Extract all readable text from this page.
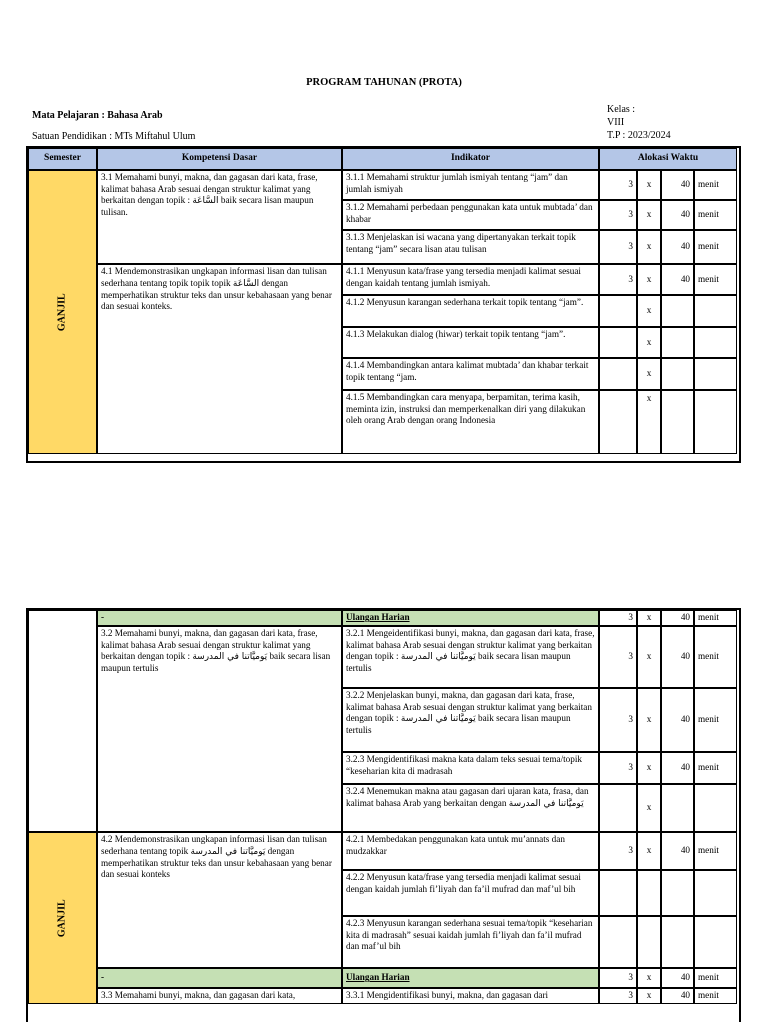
PROGRAM TAHUNAN (PROTA)
Mata Pelajaran : Bahasa Arab
Satuan Pendidikan : MTs Miftahul Ulum
Kelas :
VIII
T.P : 2023/2024
Semester	Kompetensi Dasar	Indikator	Alokasi Waktu			
GANJIL	3.1 Memahami bunyi, makna, dan gagasan dari kata, frase, kalimat bahasa Arab sesuai dengan struktur kalimat yang berkaitan dengan topik : السَّاعَة baik secara lisan maupun tulisan.	3.1.1 Memahami struktur jumlah ismiyah tentang “jam” dan jumlah ismiyah	3	x	40	menit
		3.1.2 Memahami perbedaan penggunakan kata untuk mubtada’ dan khabar	3	x	40	menit
		3.1.3 Menjelaskan isi wacana yang dipertanyakan terkait topik tentang “jam” secara lisan atau tulisan	3	x	40	menit
	4.1 Mendemonstrasikan ungkapan informasi lisan dan tulisan sederhana tentang topik topik topik السَّاعَة dengan memperhatikan struktur teks dan unsur kebahasaan yang benar dan sesuai konteks.	4.1.1 Menyusun kata/frase yang tersedia menjadi kalimat sesuai dengan kaidah tentang jumlah ismiyah.	3	x	40	menit
		4.1.2 Menyusun karangan sederhana terkait topik tentang “jam”.		x		
		4.1.3 Melakukan dialog (hiwar) terkait topik tentang “jam”.		x		
		4.1.4 Membandingkan antara kalimat mubtada’ dan khabar terkait topik tentang “jam.		x		
		4.1.5 Membandingkan cara menyapa, berpamitan, terima kasih, meminta izin, instruksi dan memperkenalkan diri yang dilakukan oleh orang Arab dengan orang Indonesia		x		
	-	Ulangan Harian	3	x	40	menit
	3.2 Memahami bunyi, makna, dan gagasan dari kata, frase, kalimat bahasa Arab sesuai dengan struktur kalimat yang berkaitan dengan topik : يَوميَّاتنا في المدرسة baik secara lisan maupun tertulis	3.2.1 Mengeidentifikasi bunyi, makna, dan gagasan dari kata, frase, kalimat bahasa Arab sesuai dengan struktur kalimat yang berkaitan dengan topik : يَوميَّاتنا في المدرسة baik secara lisan maupun tertulis	3	x	40	menit
		3.2.2 Menjelaskan bunyi, makna, dan gagasan dari kata, frase, kalimat bahasa Arab sesuai dengan struktur kalimat yang berkaitan dengan topik : يَوميَّاتنا في المدرسة baik secara lisan maupun tertulis	3	x	40	menit
		3.2.3 Mengidentifikasi makna kata dalam teks sesuai tema/topik “keseharian kita di madrasah	3	x	40	menit
		3.2.4 Menemukan makna atau gagasan dari ujaran kata, frasa, dan kalimat bahasa Arab yang berkaitan dengan يَوميَّاتنا في المدرسة		x		
GANJIL	4.2 Mendemonstrasikan ungkapan informasi lisan dan tulisan sederhana tentang topik يَوميَّاتنا في المدرسة dengan memperhatikan struktur teks dan unsur kebahasaan yang benar dan sesuai konteks	4.2.1 Membedakan penggunakan kata untuk mu’annats dan mudzakkar	3	x	40	menit
		4.2.2 Menyusun kata/frase yang tersedia menjadi kalimat sesuai dengan kaidah jumlah fi’liyah dan fa’il mufrad dan maf’ul bih				
		4.2.3 Menyusun karangan sederhana sesuai tema/topik “keseharian kita di madrasah” sesuai kaidah jumlah fi’liyah dan fa’il mufrad dan maf’ul bih				
	-	Ulangan Harian	3	x	40	menit
	3.3 Memahami bunyi, makna, dan gagasan dari kata,	3.3.1 Mengidentifikasi bunyi, makna, dan gagasan dari	3	x	40	menit
